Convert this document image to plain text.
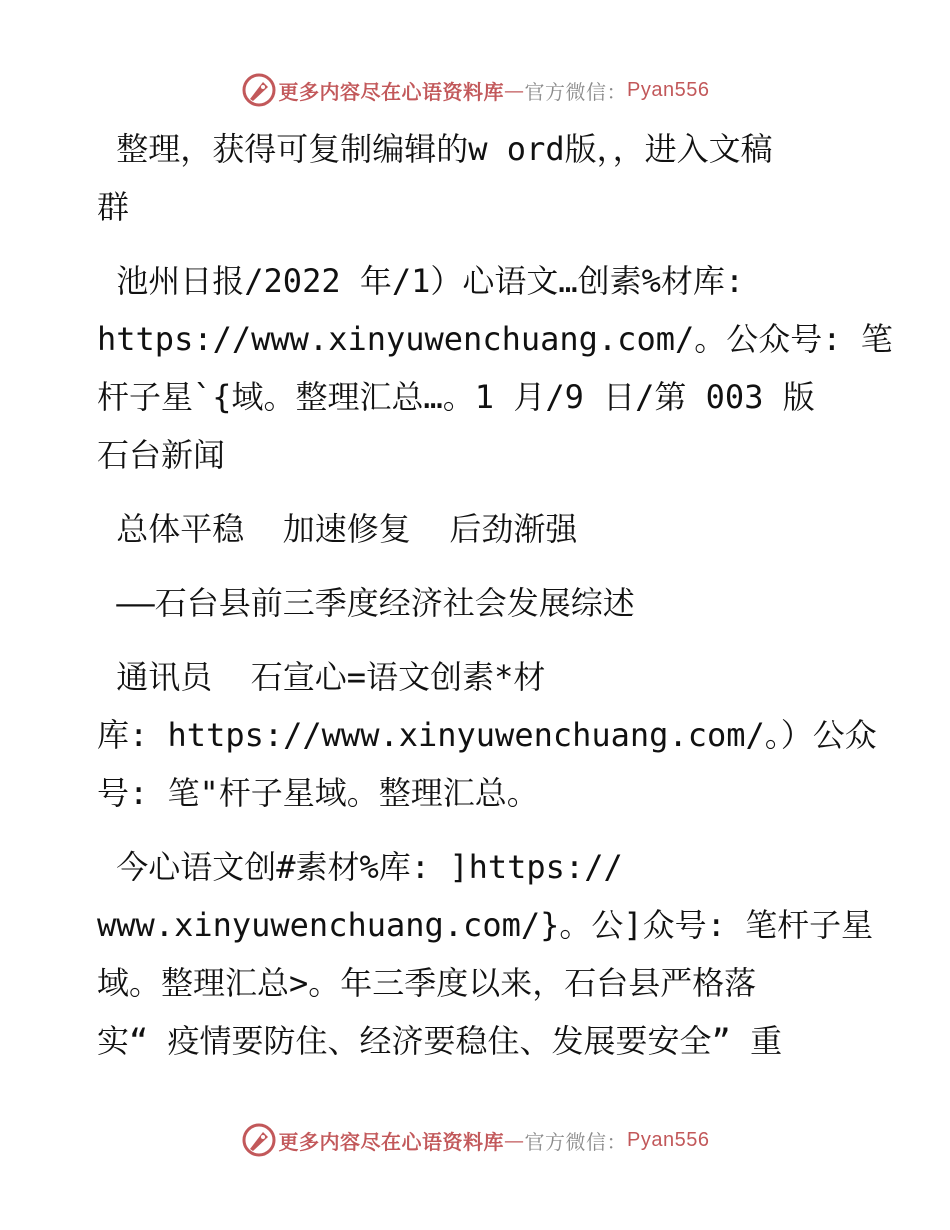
更多内容尽在心语资料库 — 官方微信： Pyan556
整理，获得可复制编辑的w ord版，，进入文稿
群
池州日报/2022 年/1）心语文…创素%材库:
https://www.xinyuwenchuang.com/。公众号: 笔
杆子星`{域。整理汇总…。1 月/9 日/第 003 版
石台新闻
总体平稳  加速修复  后劲渐强
——石台县前三季度经济社会发展综述
通讯员  石宣心=语文创素*材
库: https://www.xinyuwenchuang.com/。）公众
号: 笔"杆子星域。整理汇总。
今心语文创#素材%库: ]https://
www.xinyuwenchuang.com/}。公]众号: 笔杆子星
域。整理汇总>。年三季度以来，石台县严格落
实“ 疫情要防住、经济要稳住、发展要安全” 重
更多内容尽在心语资料库 — 官方微信： Pyan556
